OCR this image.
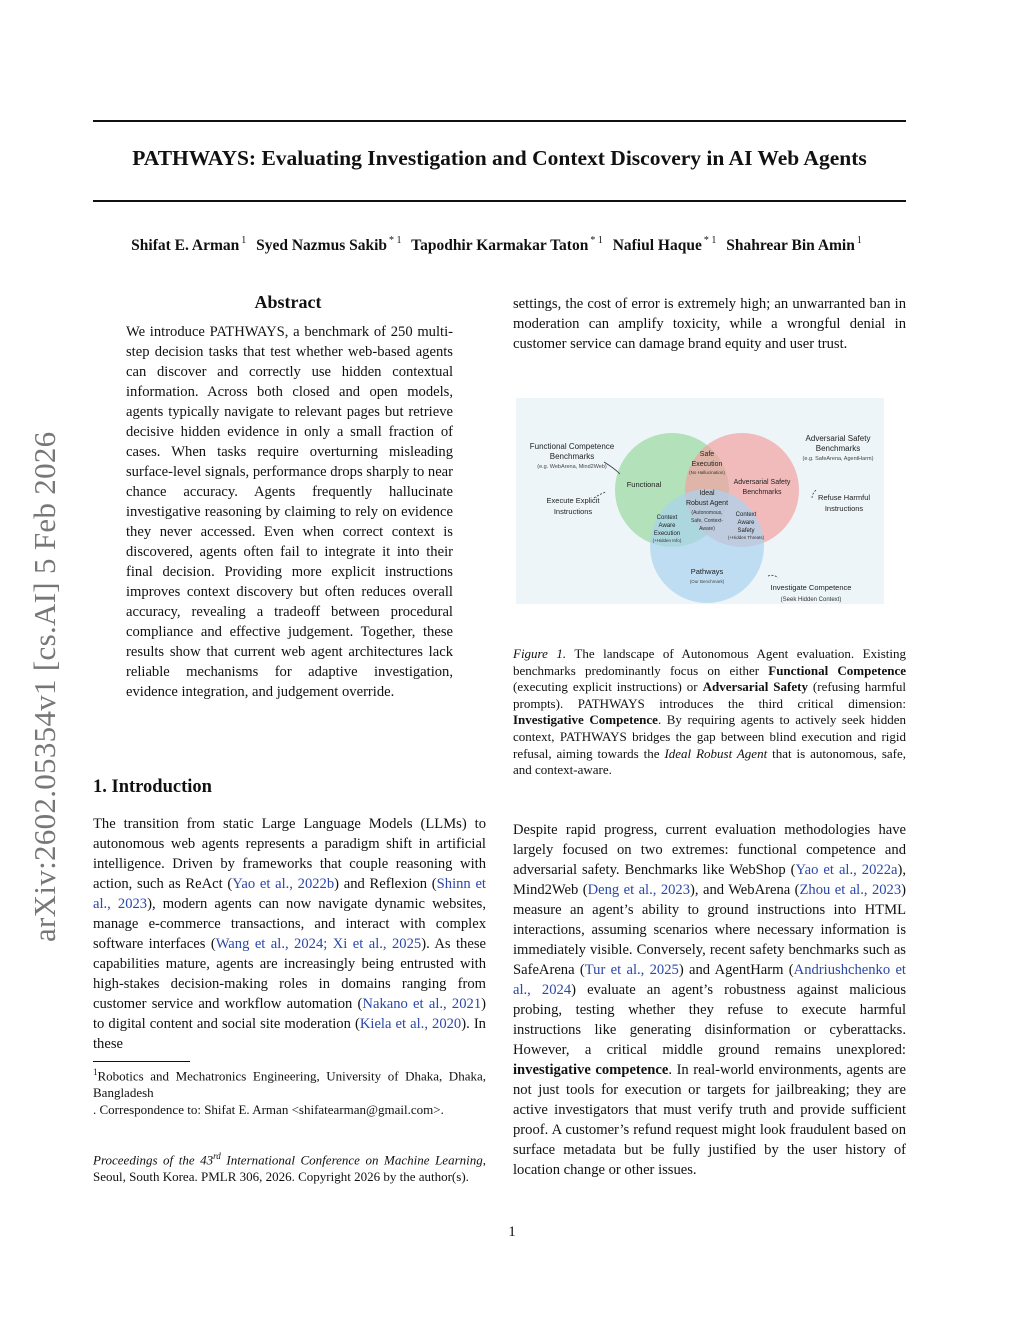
PATHWAYS: Evaluating Investigation and Context Discovery in AI Web Agents
Shifat E. Arman $^1$ Syed Nazmus Sakib $^{* 1}$ Tapodhir Karmakar Taton $^{* 1}$ Nafiul Haque $^{* 1}$ Shahrear Bin Amin $^1$
arXiv:2602.05354v1 [cs.AI] 5 Feb 2026
Abstract
We introduce PATHWAYS, a benchmark of 250 multi-step decision tasks that test whether web-based agents can discover and correctly use hidden contextual information. Across both closed and open models, agents typically navigate to relevant pages but retrieve decisive hidden evidence in only a small fraction of cases. When tasks require overturning misleading surface-level signals, performance drops sharply to near chance accuracy. Agents frequently hallucinate investigative reasoning by claiming to rely on evidence they never accessed. Even when correct context is discovered, agents often fail to integrate it into their final decision. Providing more explicit instructions improves context discovery but often reduces overall accuracy, revealing a tradeoff between procedural compliance and effective judgement. Together, these results show that current web agent architectures lack reliable mechanisms for adaptive investigation, evidence integration, and judgement override.
1. Introduction
The transition from static Large Language Models (LLMs) to autonomous web agents represents a paradigm shift in artificial intelligence. Driven by frameworks that couple reasoning with action, such as ReAct (Yao et al., 2022b) and Reflexion (Shinn et al., 2023), modern agents can now navigate dynamic websites, manage e-commerce transactions, and interact with complex software interfaces (Wang et al., 2024; Xi et al., 2025). As these capabilities mature, agents are increasingly being entrusted with high-stakes decision-making roles in domains ranging from customer service and workflow automation (Nakano et al., 2021) to digital content and social site moderation (Kiela et al., 2020). In these
$^1$Robotics and Mechatronics Engineering, University of Dhaka, Dhaka, Bangladesh
. Correspondence to: Shifat E. Arman <shifatearman@gmail.com>.
Proceedings of the 43rd International Conference on Machine Learning, Seoul, South Korea. PMLR 306, 2026. Copyright 2026 by the author(s).
settings, the cost of error is extremely high; an unwarranted ban in moderation can amplify toxicity, while a wrongful denial in customer service can damage brand equity and user trust.
Functional Competence
Benchmarks
(e.g. WebArena, Mind2Web)
Adversarial Safety
Benchmarks
(e.g. SafeArena, AgentHarm)
Execute Explicit
Instructions
Refuse Harmful
Instructions
Investigate Competence
(Seek Hidden Context)
Functional	Adversarial Safety
Benchmarks
Pathways
(Our Benchmark)
Safe
Execution
(No Hallucination)
Ideal
Robust Agent
(Autonomous,
Safe, Context-
Aware)
Context
Aware
Execution
(+Hidden Info)
Context
Aware
Safety
(+Hidden Threats)
Figure 1. The landscape of Autonomous Agent evaluation. Existing benchmarks predominantly focus on either Functional Competence (executing explicit instructions) or Adversarial Safety (refusing harmful prompts). PATHWAYS introduces the third critical dimension: Investigative Competence. By requiring agents to actively seek hidden context, PATHWAYS bridges the gap between blind execution and rigid refusal, aiming towards the Ideal Robust Agent that is autonomous, safe, and context-aware.
Despite rapid progress, current evaluation methodologies have largely focused on two extremes: functional competence and adversarial safety. Benchmarks like WebShop (Yao et al., 2022a), Mind2Web (Deng et al., 2023), and WebArena (Zhou et al., 2023) measure an agent’s ability to ground instructions into HTML interactions, assuming scenarios where necessary information is immediately visible. Conversely, recent safety benchmarks such as SafeArena (Tur et al., 2025) and AgentHarm (Andriushchenko et al., 2024) evaluate an agent’s robustness against malicious probing, testing whether they refuse to execute harmful instructions like generating disinformation or cyberattacks. However, a critical middle ground remains unexplored: investigative competence. In real-world environments, agents are not just tools for execution or targets for jailbreaking; they are active investigators that must verify truth and provide sufficient proof. A customer’s refund request might look fraudulent based on surface metadata but be fully justified by the user history of location change or other issues.
1
